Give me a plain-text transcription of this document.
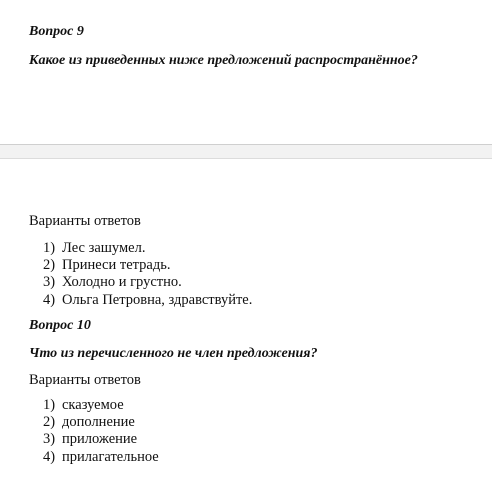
Вопрос 9
Какое из приведенных ниже предложений распространённое?
Варианты ответов
1) Лес зашумел.
2) Принеси тетрадь.
3) Холодно и грустно.
4) Ольга Петровна, здравствуйте.
Вопрос 10
Что из перечисленного не член предложения?
Варианты ответов
1) сказуемое
2) дополнение
3) приложение
4) прилагательное
